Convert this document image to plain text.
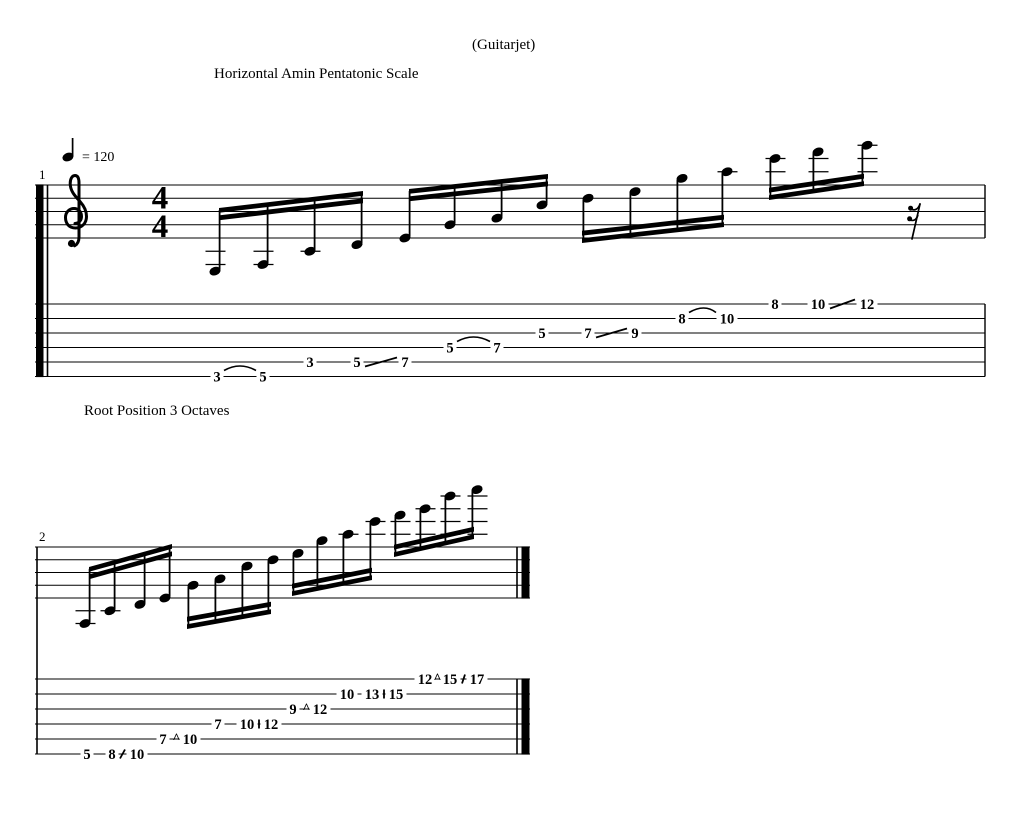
(Guitarjet)
Horizontal Amin Pentatonic Scale
Root Position 3 Octaves
1
4
4
= 120
3	5
3	5	7
5	7
5	7	9
8 10
8 10 12
2
5 8 10
7 10
7 10 12
9 12
10 13 15
12 15 17
^
^
^
